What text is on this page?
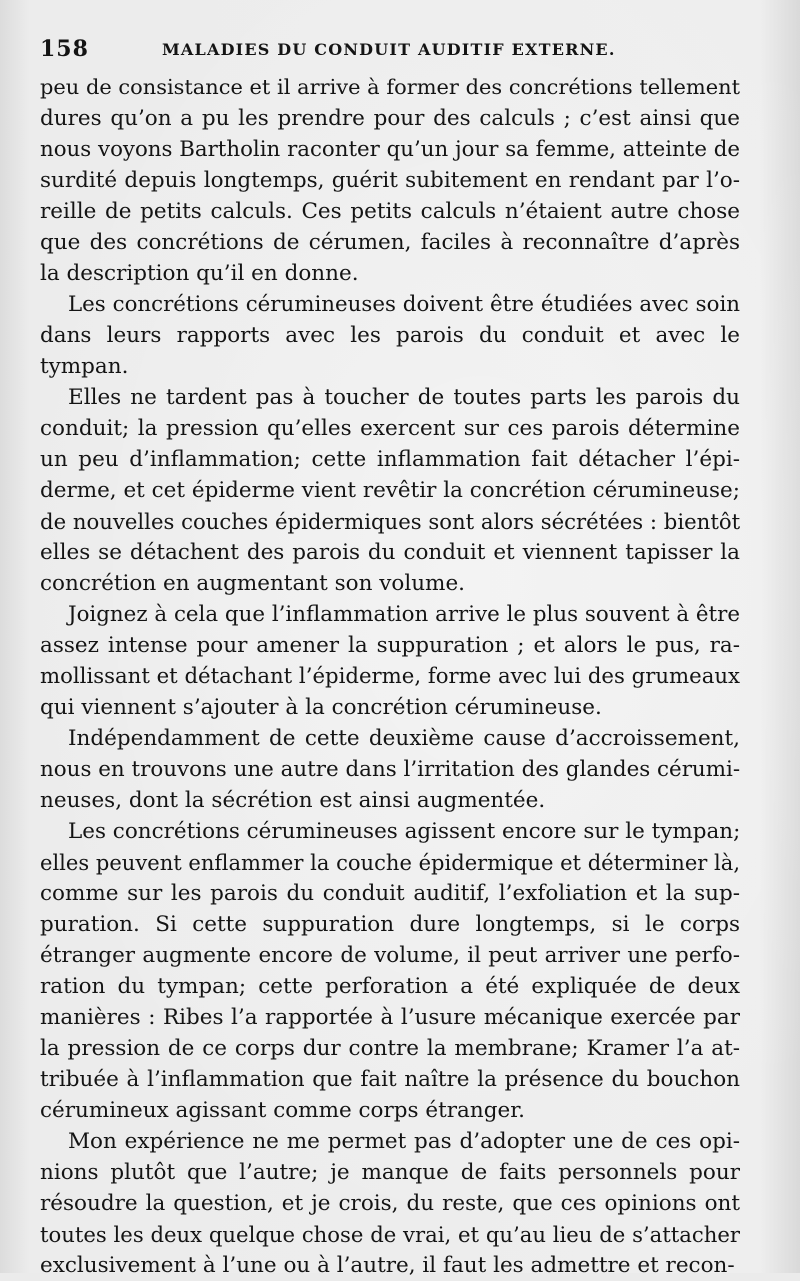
158	MALADIES DU CONDUIT AUDITIF EXTERNE.
peu de consistance et il arrive à former des concrétions tellement
dures qu’on a pu les prendre pour des calculs ; c’est ainsi que
nous voyons Bartholin raconter qu’un jour sa femme, atteinte de
surdité depuis longtemps, guérit subitement en rendant par l’o-
reille de petits calculs. Ces petits calculs n’étaient autre chose
que des concrétions de cérumen, faciles à reconnaître d’après
la description qu’il en donne.
Les concrétions cérumineuses doivent être étudiées avec soin
dans leurs rapports avec les parois du conduit et avec le
tympan.
Elles ne tardent pas à toucher de toutes parts les parois du
conduit; la pression qu’elles exercent sur ces parois détermine
un peu d’inflammation; cette inflammation fait détacher l’épi-
derme, et cet épiderme vient revêtir la concrétion cérumineuse;
de nouvelles couches épidermiques sont alors sécrétées : bientôt
elles se détachent des parois du conduit et viennent tapisser la
concrétion en augmentant son volume.
Joignez à cela que l’inflammation arrive le plus souvent à être
assez intense pour amener la suppuration ; et alors le pus, ra-
mollissant et détachant l’épiderme, forme avec lui des grumeaux
qui viennent s’ajouter à la concrétion cérumineuse.
Indépendamment de cette deuxième cause d’accroissement,
nous en trouvons une autre dans l’irritation des glandes cérumi-
neuses, dont la sécrétion est ainsi augmentée.
Les concrétions cérumineuses agissent encore sur le tympan;
elles peuvent enflammer la couche épidermique et déterminer là,
comme sur les parois du conduit auditif, l’exfoliation et la sup-
puration. Si cette suppuration dure longtemps, si le corps
étranger augmente encore de volume, il peut arriver une perfo-
ration du tympan; cette perforation a été expliquée de deux
manières : Ribes l’a rapportée à l’usure mécanique exercée par
la pression de ce corps dur contre la membrane; Kramer l’a at-
tribuée à l’inflammation que fait naître la présence du bouchon
cérumineux agissant comme corps étranger.
Mon expérience ne me permet pas d’adopter une de ces opi-
nions plutôt que l’autre; je manque de faits personnels pour
résoudre la question, et je crois, du reste, que ces opinions ont
toutes les deux quelque chose de vrai, et qu’au lieu de s’attacher
exclusivement à l’une ou à l’autre, il faut les admettre et recon-
